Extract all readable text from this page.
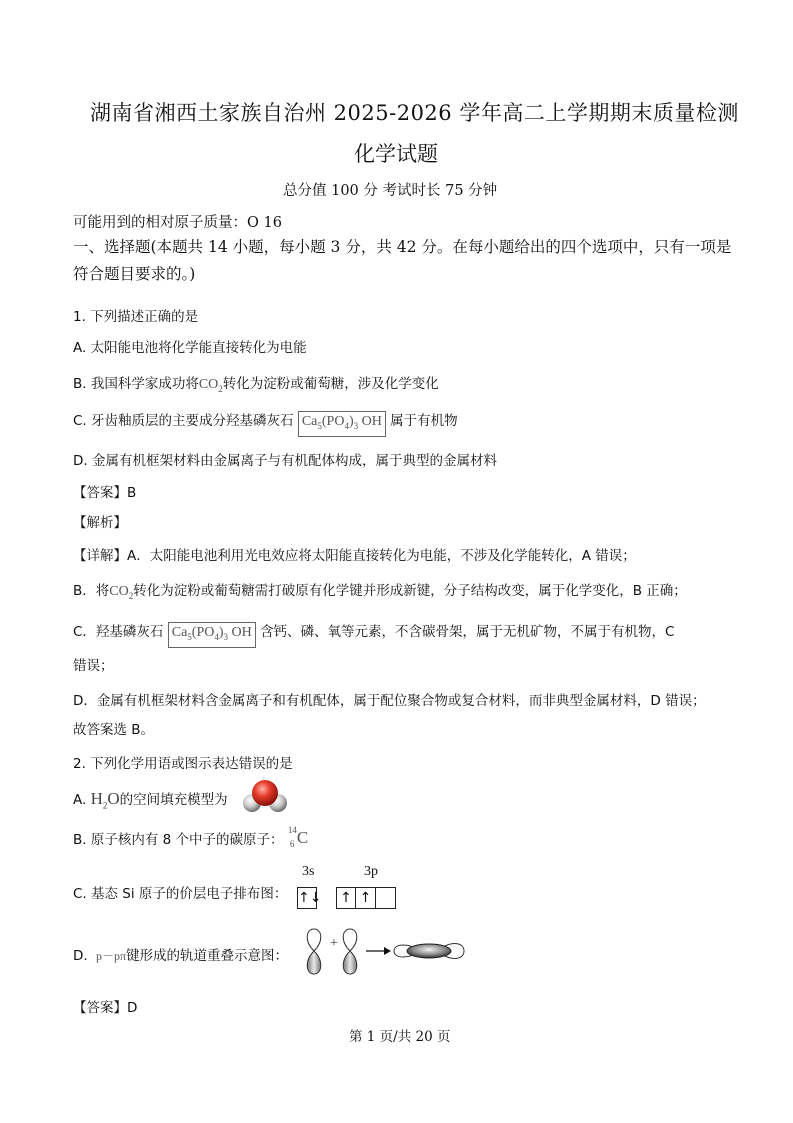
湖南省湘西土家族自治州 2025-2026 学年高二上学期期末质量检测
化学试题
总分值 100 分 考试时长 75 分钟
可能用到的相对原子质量：O 16
一、选择题(本题共 14 小题，每小题 3 分，共 42 分。在每小题给出的四个选项中，只有一项是符合题目要求的。)
1. 下列描述正确的是
A. 太阳能电池将化学能直接转化为电能
B. 我国科学家成功将$CO_2$转化为淀粉或葡萄糖，涉及化学变化
C. 牙齿釉质层的主要成分羟基磷灰石 $Ca_5(PO_4)_3$ OH 属于有机物
D. 金属有机框架材料由金属离子与有机配体构成，属于典型的金属材料
【答案】B
【解析】
【详解】A．太阳能电池利用光电效应将太阳能直接转化为电能，不涉及化学能转化，A 错误；
B．将$CO_2$转化为淀粉或葡萄糖需打破原有化学键并形成新键，分子结构改变，属于化学变化，B 正确；
C．羟基磷灰石 $Ca_5(PO_4)_3$ OH 含钙、磷、氧等元素，不含碳骨架，属于无机矿物，不属于有机物，C
错误；
D．金属有机框架材料含金属离子和有机配体，属于配位聚合物或复合材料，而非典型金属材料，D 错误；
故答案选 B。
2. 下列化学用语或图示表达错误的是
A. $H_2O$的空间填充模型为
B. 原子核内有 8 个中子的碳原子：
14
6 C
C. 基态 Si 原子的价层电子排布图：
3s	3p
↑↓ ↑ ↑
D. p－pπ键形成的轨道重叠示意图：
+
【答案】D
第 1 页/共 20 页
